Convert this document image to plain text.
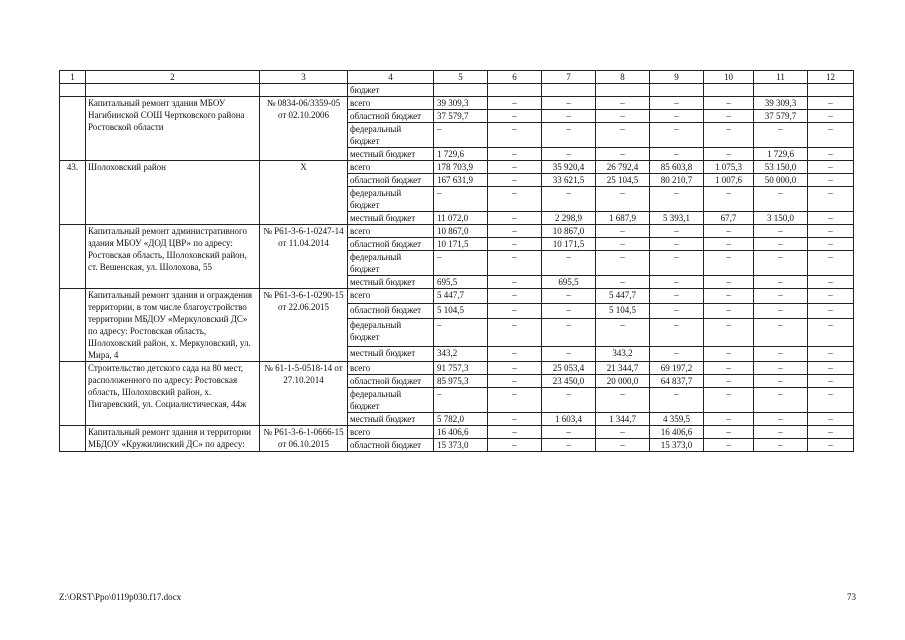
1	2	3	4	5	6	7	8	9	10	11	12
			бюджет								
	Капитальный ремонт здания МБОУ Нагибинской СОШ Чертковского района Ростовской области	№ 0834-06/3359-05 от 02.10.2006	всего	39 309,3	–	–	–	–	–	39 309,3	–
			областной бюджет	37 579,7	–	–	–	–	–	37 579,7	–
			федеральный бюджет	–	–	–	–	–	–	–	–
			местный бюджет	1 729,6	–	–	–	–	–	1 729,6	–
43.	Шолоховский район	X	всего	178 703,9	–	35 920,4	26 792,4	85 603,8	1 075,3	53 150,0	–
			областной бюджет	167 631,9	–	33 621,5	25 104,5	80 210,7	1 007,6	50 000,0	–
			федеральный бюджет	–	–	–	–	–	–	–	–
			местный бюджет	11 072,0	–	2 298,9	1 687,9	5 393,1	67,7	3 150,0	–
	Капитальный ремонт административного здания МБОУ «ДОД ЦВР» по адресу: Ростовская область, Шолоховский район, ст. Вешенская, ул. Шолохова, 55	№ Р61-3-6-1-0247-14 от 11.04.2014	всего	10 867,0	–	10 867,0	–	–	–	–	–
			областной бюджет	10 171,5	–	10 171,5	–	–	–	–	–
			федеральный бюджет	–	–	–	–	–	–	–	–
			местный бюджет	695,5	–	695,5	–	–	–	–	–
	Капитальный ремонт здания и ограждения территории, в том числе благоустройство территории МБДОУ «Меркуловский ДС» по адресу: Ростовская область, Шолоховский район, х. Меркуловский, ул. Мира, 4	№ Р61-3-6-1-0290-15 от 22.06.2015	всего	5 447,7	–	–	5 447,7	–	–	–	–
			областной бюджет	5 104,5	–	–	5 104,5	–	–	–	–
			федеральный бюджет	–	–	–	–	–	–	–	–
			местный бюджет	343,2	–	–	343,2	–	–	–	–
	Строительство детского сада на 80 мест, расположенного по адресу: Ростовская область, Шолоховский район, х. Пигаревский, ул. Социалистическая, 44ж	№ 61-1-5-0518-14 от 27.10.2014	всего	91 757,3	–	25 053,4	21 344,7	69 197,2	–	–	–
			областной бюджет	85 975,3	–	23 450,0	20 000,0	64 837,7	–	–	–
			федеральный бюджет	–	–	–	–	–	–	–	–
			местный бюджет	5 782,0	–	1 603,4	1 344,7	4 359,5	–	–	–
	Капитальный ремонт здания и территории МБДОУ «Кружилинский ДС» по адресу:	№ Р61-3-6-1-0666-15 от 06.10.2015	всего	16 406,6	–	–	–	16 406,6	–	–	–
			областной бюджет	15 373,0	–	–	–	15 373,0	–	–	–
Z:\ORST\Ppo\0119p030.f17.docx	73
